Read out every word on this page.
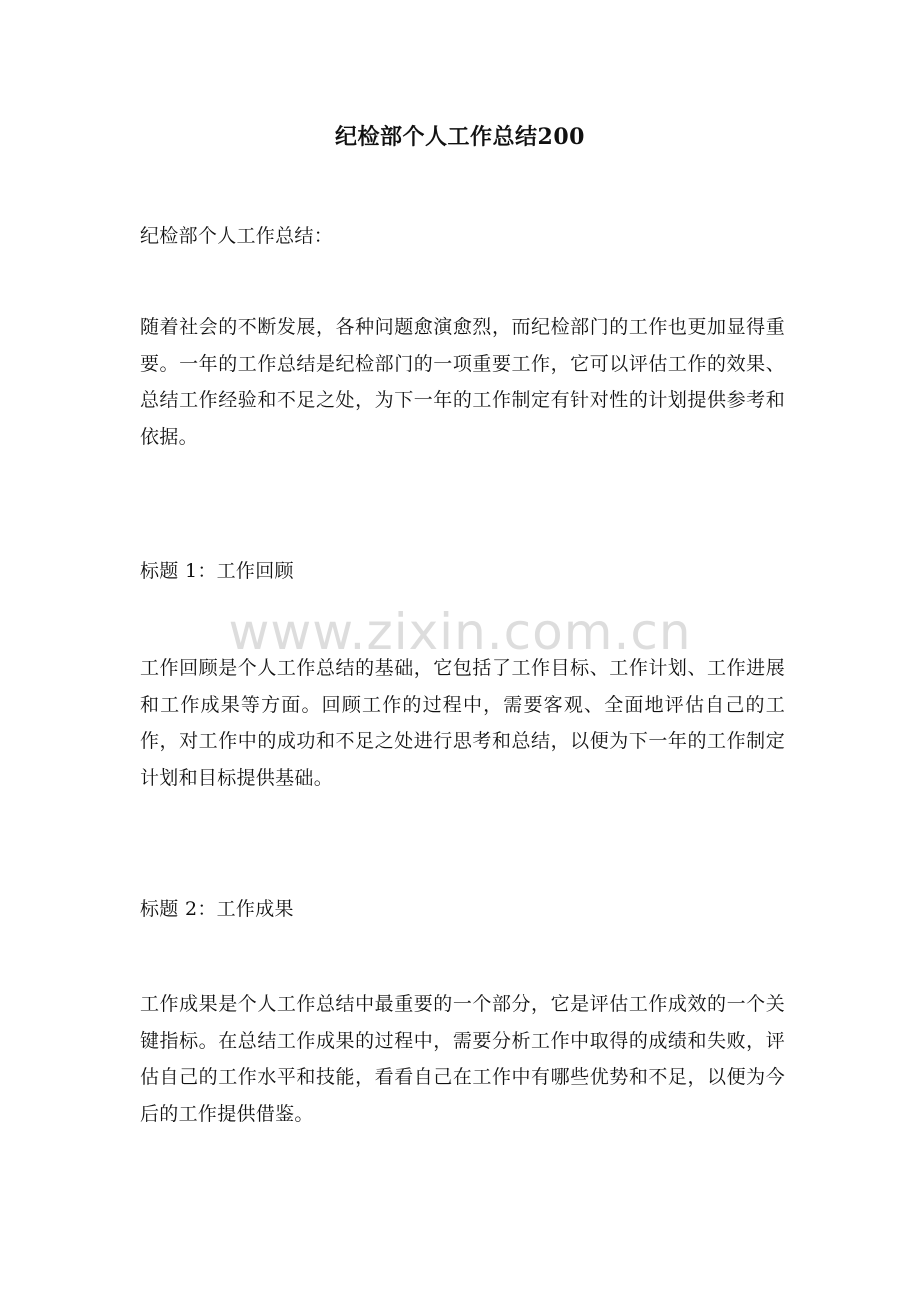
纪检部个人工作总结200
纪检部个人工作总结：
随着社会的不断发展，各种问题愈演愈烈，而纪检部门的工作也更加显得重要。一年的工作总结是纪检部门的一项重要工作，它可以评估工作的效果、总结工作经验和不足之处，为下一年的工作制定有针对性的计划提供参考和依据。
标题 1：工作回顾
工作回顾是个人工作总结的基础，它包括了工作目标、工作计划、工作进展和工作成果等方面。回顾工作的过程中，需要客观、全面地评估自己的工作，对工作中的成功和不足之处进行思考和总结，以便为下一年的工作制定计划和目标提供基础。
标题 2：工作成果
工作成果是个人工作总结中最重要的一个部分，它是评估工作成效的一个关键指标。在总结工作成果的过程中，需要分析工作中取得的成绩和失败，评估自己的工作水平和技能，看看自己在工作中有哪些优势和不足，以便为今后的工作提供借鉴。
www.zixin.com.cn
